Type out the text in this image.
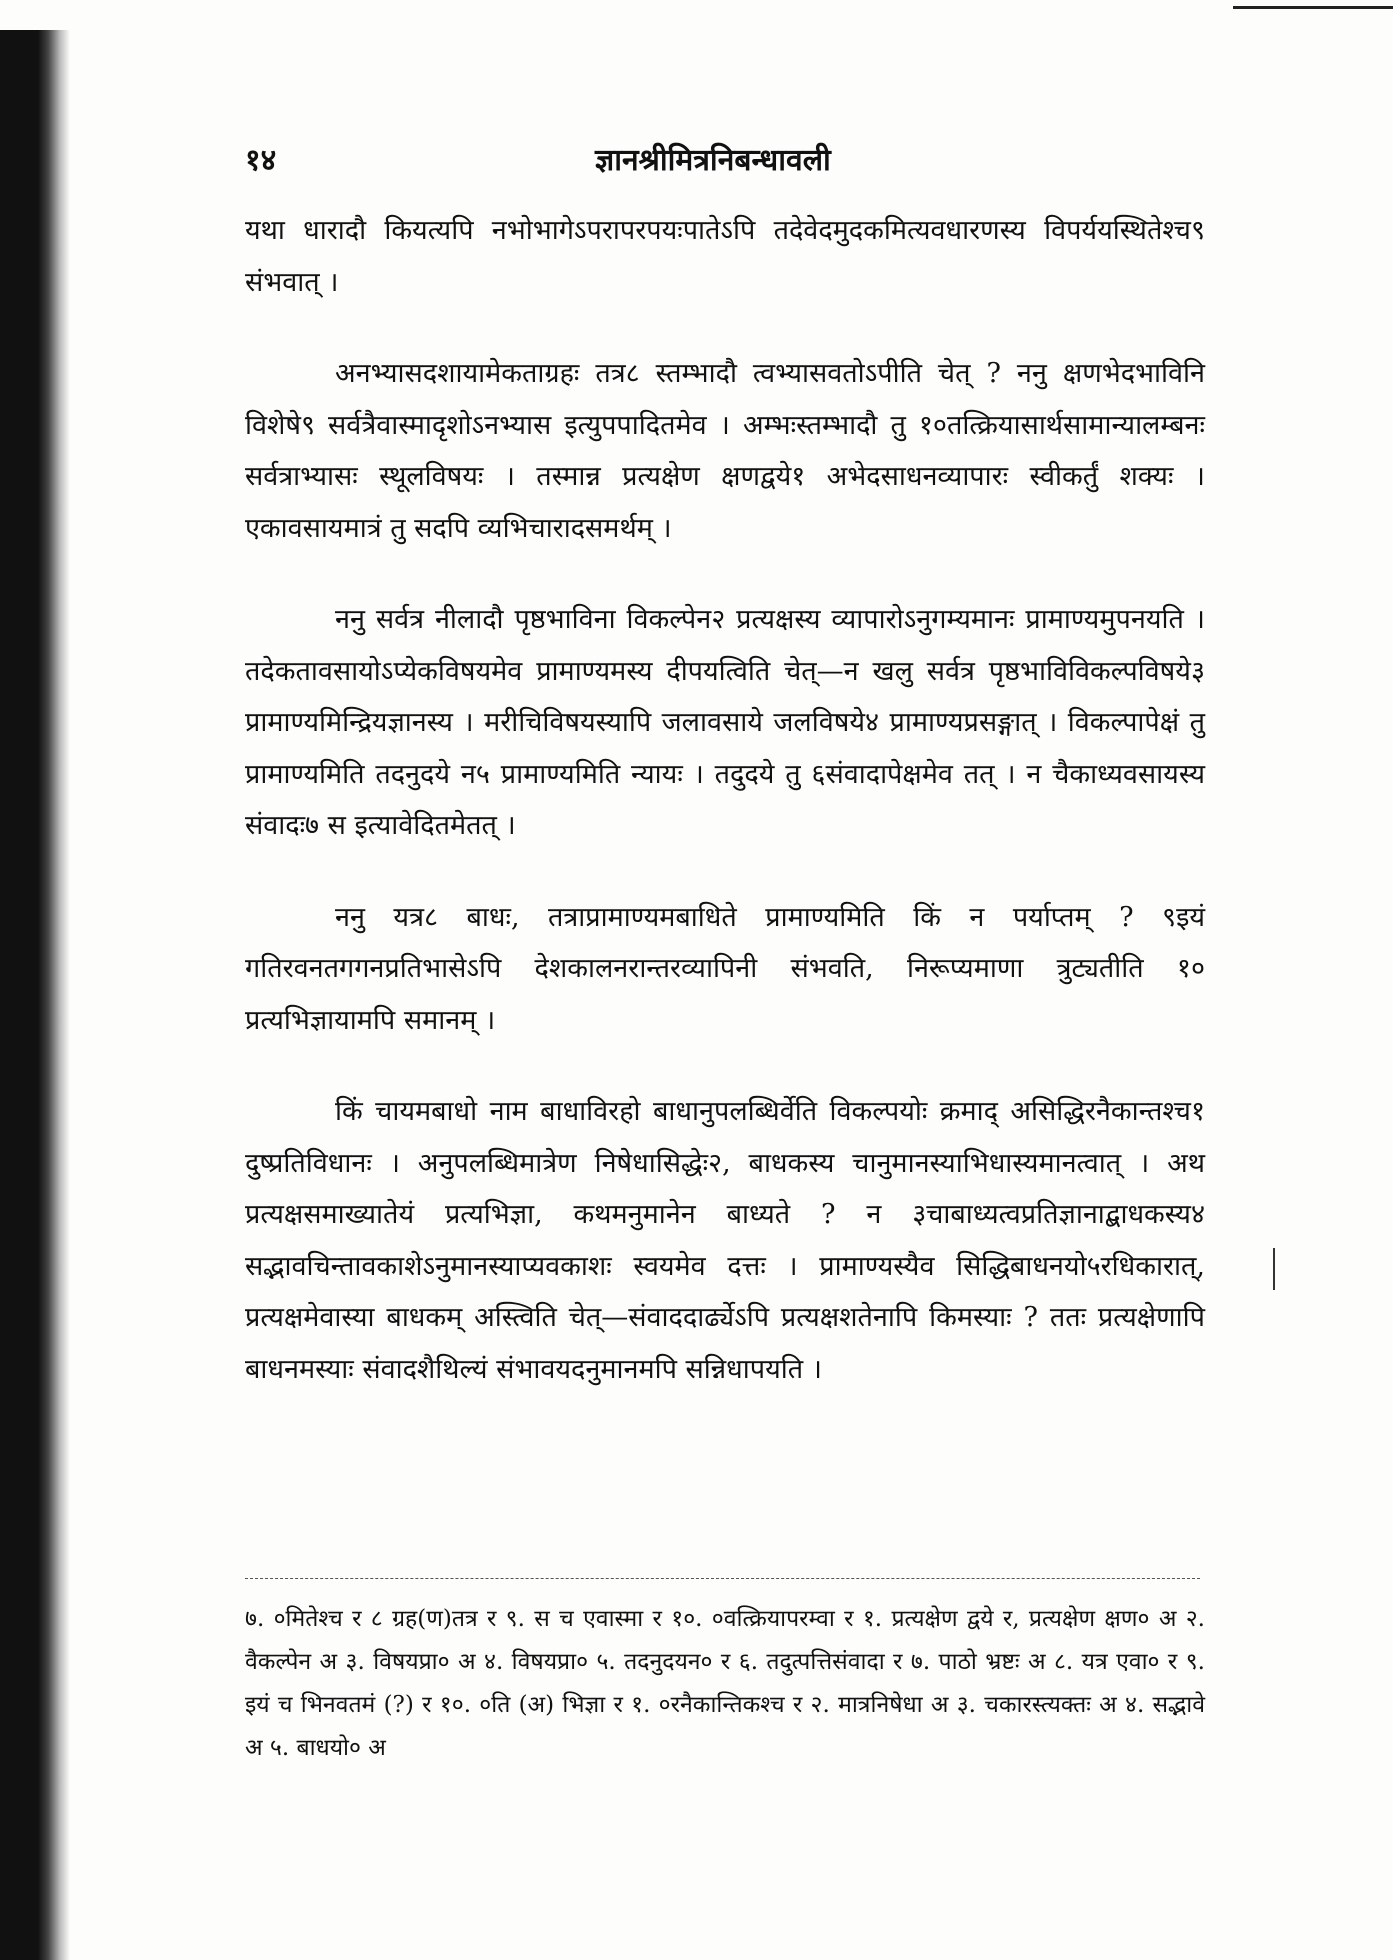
१४	ज्ञानश्रीमित्रनिबन्धावली

यथा धारादौ कियत्यपि नभोभागेऽपरापरपयःपातेऽपि तदेवेदमुदकमित्यवधारणस्य विपर्ययस्थितेश्च९ संभवात् ।

अनभ्यासदशायामेकताग्रहः तत्र८ स्तम्भादौ त्वभ्यासवतोऽपीति चेत् ? ननु क्षणभेदभाविनि विशेषे९ सर्वत्रैवास्मादृशोऽनभ्यास इत्युपपादितमेव । अम्भःस्तम्भादौ तु १०तत्क्रियासार्थसामान्यालम्बनः सर्वत्राभ्यासः स्थूलविषयः । तस्मान्न प्रत्यक्षेण क्षणद्वये१ अभेदसाधनव्यापारः स्वीकर्तुं शक्यः । एकावसायमात्रं तु सदपि व्यभिचारादसमर्थम् ।

ननु सर्वत्र नीलादौ पृष्ठभाविना विकल्पेन२ प्रत्यक्षस्य व्यापारोऽनुगम्यमानः प्रामाण्यमुपनयति । तदेकतावसायोऽप्येकविषयमेव प्रामाण्यमस्य दीपयत्विति चेत्—न खलु सर्वत्र पृष्ठभाविविकल्पविषये३ प्रामाण्यमिन्द्रियज्ञानस्य । मरीचिविषयस्यापि जलावसाये जलविषये४ प्रामाण्यप्रसङ्गात् । विकल्पापेक्षं तु प्रामाण्यमिति तदनुदये न५ प्रामाण्यमिति न्यायः । तदुदये तु ६संवादापेक्षमेव तत् । न चैकाध्यवसायस्य संवादः७ स इत्यावेदितमेतत् ।

ननु यत्र८ बाधः, तत्राप्रामाण्यमबाधिते प्रामाण्यमिति किं न पर्याप्तम् ? ९इयं गतिरवनतगगनप्रतिभासेऽपि देशकालनरान्तरव्यापिनी संभवति, निरूप्यमाणा त्रुट्यतीति १० प्रत्यभिज्ञायामपि समानम् ।

किं चायमबाधो नाम बाधाविरहो बाधानुपलब्धिर्वेति विकल्पयोः क्रमाद् असिद्धिरनैकान्तश्च१ दुष्प्रतिविधानः । अनुपलब्धिमात्रेण निषेधासिद्धेः२, बाधकस्य चानुमानस्याभिधास्यमानत्वात् । अथ प्रत्यक्षसमाख्यातेयं प्रत्यभिज्ञा, कथमनुमानेन बाध्यते ? न ३चाबाध्यत्वप्रतिज्ञानाद्बाधकस्य४ सद्भावचिन्तावकाशेऽनुमानस्याप्यवकाशः स्वयमेव दत्तः । प्रामाण्यस्यैव सिद्धिबाधनयो५रधिकारात्, प्रत्यक्षमेवास्या बाधकम् अस्त्विति चेत्—संवाददार्ढ्येऽपि प्रत्यक्षशतेनापि किमस्याः ? ततः प्रत्यक्षेणापि बाधनमस्याः संवादशैथिल्यं संभावयदनुमानमपि सन्निधापयति ।

७. ०मितेश्च र ८ ग्रह(ण)तत्र र ९. स च एवास्मा र १०. ०वत्क्रियापरम्वा र १. प्रत्यक्षेण द्वये र, प्रत्यक्षेण क्षण० अ २. वैकल्पेन अ ३. विषयप्रा० अ ४. विषयप्रा० ५. तदनुदयन० र ६. तदुत्पत्तिसंवादा र ७. पाठो भ्रष्टः अ ८. यत्र एवा० र ९. इयं च भिनवतमं (?) र १०. ०ति (अ) भिज्ञा र १. ०रनैकान्तिकश्च र २. मात्रनिषेधा अ ३. चकारस्त्यक्तः अ ४. सद्भावे अ ५. बाधयो० अ
